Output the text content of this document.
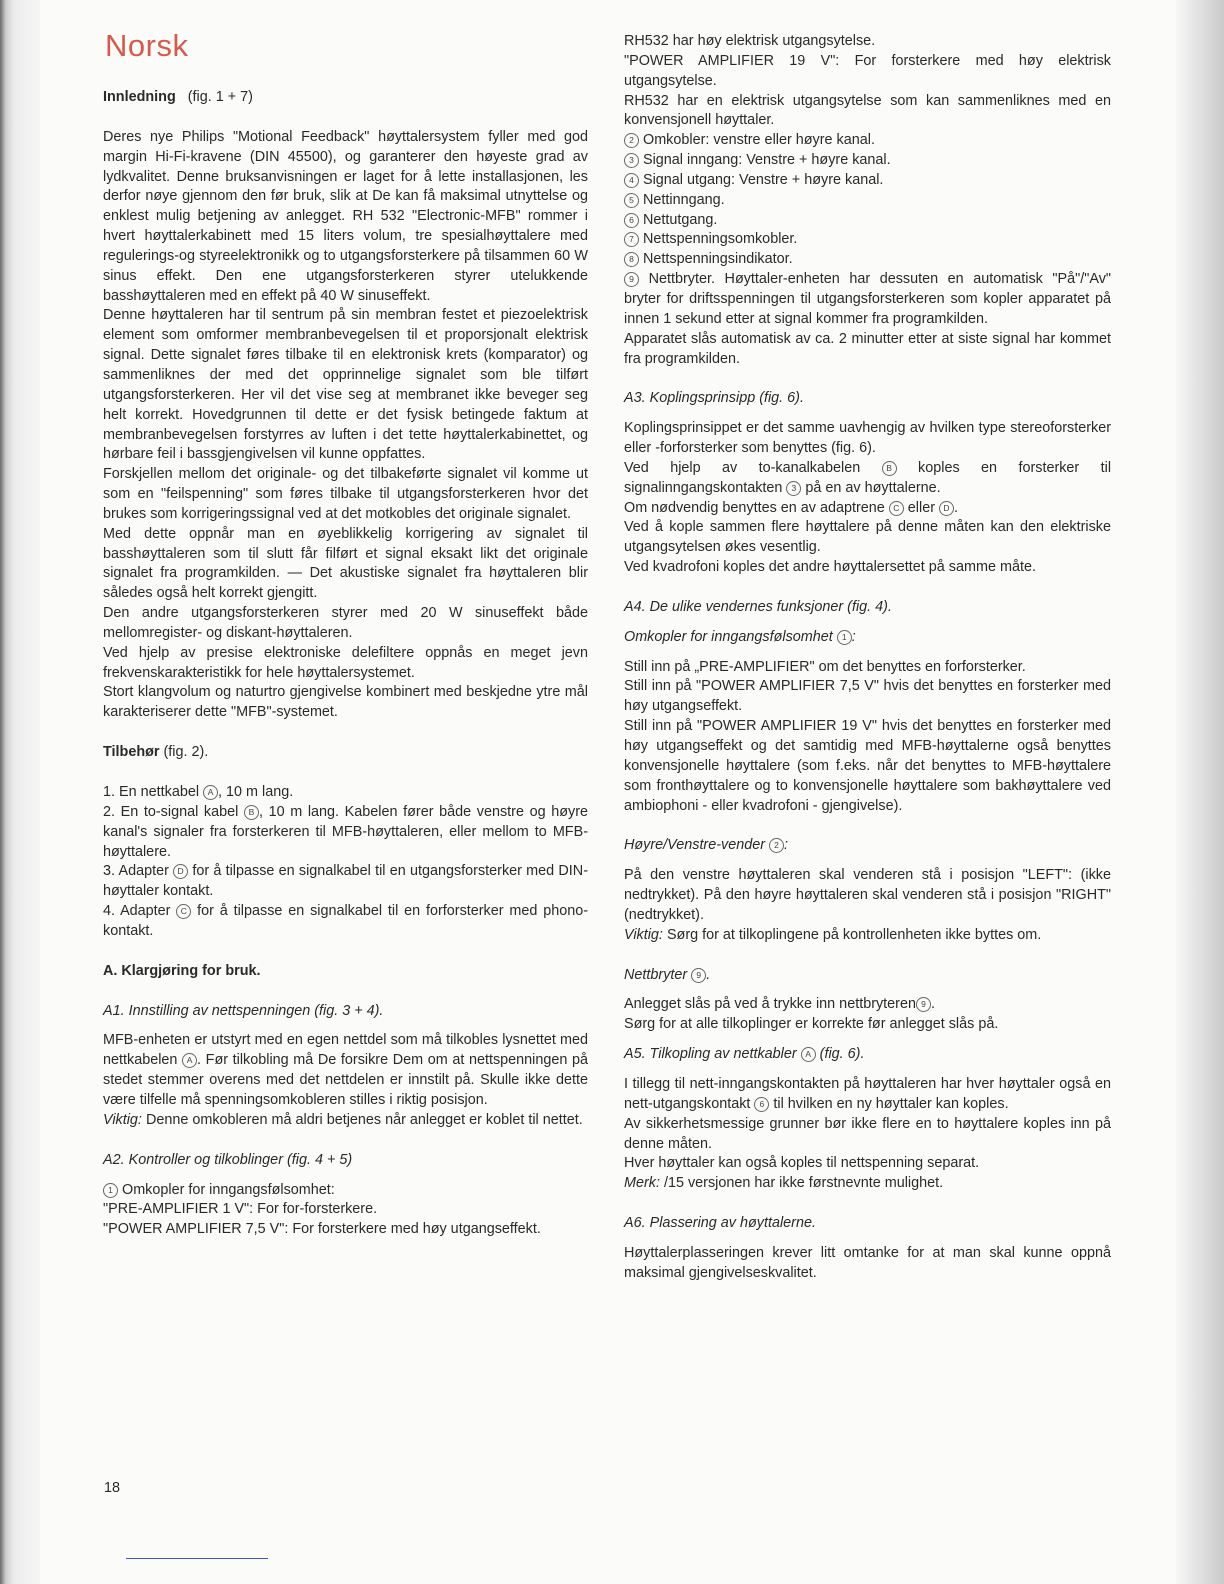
Norsk

Innledning (fig. 1 + 7)

Deres nye Philips "Motional Feedback" høyttalersystem fyller med god margin Hi-Fi-kravene (DIN 45500), og garanterer den høyeste grad av lydkvalitet. Denne bruksanvisningen er laget for å lette installasjonen, les derfor nøye gjennom den før bruk, slik at De kan få maksimal utnyttelse og enklest mulig betjening av anlegget. RH 532 "Electronic-MFB" rommer i hvert høyttalerkabinett med 15 liters volum, tre spesialhøyttalere med regulerings-og styreelektronikk og to utgangsforsterkere på tilsammen 60 W sinus effekt. Den ene utgangsforsterkeren styrer utelukkende basshøyttaleren med en effekt på 40 W sinuseffekt.

Denne høyttaleren har til sentrum på sin membran festet et piezoelektrisk element som omformer membranbevegelsen til et proporsjonalt elektrisk signal. Dette signalet føres tilbake til en elektronisk krets (komparator) og sammenliknes der med det opprinnelige signalet som ble tilført utgangsforsterkeren. Her vil det vise seg at membranet ikke beveger seg helt korrekt. Hovedgrunnen til dette er det fysisk betingede faktum at membranbevegelsen forstyrres av luften i det tette høyttalerkabinettet, og hørbare feil i bassgjengivelsen vil kunne oppfattes.

Forskjellen mellom det originale- og det tilbakeførte signalet vil komme ut som en "feilspenning" som føres tilbake til utgangsforsterkeren hvor det brukes som korrigeringssignal ved at det motkobles det originale signalet.

Med dette oppnår man en øyeblikkelig korrigering av signalet til basshøyttaleren som til slutt får filført et signal eksakt likt det originale signalet fra programkilden. — Det akustiske signalet fra høyttaleren blir således også helt korrekt gjengitt.

Den andre utgangsforsterkeren styrer med 20 W sinuseffekt både mellomregister- og diskant-høyttaleren.

Ved hjelp av presise elektroniske delefiltere oppnås en meget jevn frekvenskarakteristikk for hele høyttalersystemet.

Stort klangvolum og naturtro gjengivelse kombinert med beskjedne ytre mål karakteriserer dette "MFB"-systemet.

Tilbehør (fig. 2).

1. En nettkabel A , 10 m lang.

2. En to-signal kabel B , 10 m lang. Kabelen fører både venstre og høyre kanal's signaler fra forsterkeren til MFB-høyttaleren, eller mellom to MFB-høyttalere.

3. Adapter D for å tilpasse en signalkabel til en utgangsforsterker med DIN-høyttaler kontakt.

4. Adapter C for å tilpasse en signalkabel til en forforsterker med phono-kontakt.

A. Klargjøring for bruk.

A1. Innstilling av nettspenningen (fig. 3 + 4).

MFB-enheten er utstyrt med en egen nettdel som må tilkobles lysnettet med nettkabelen A . Før tilkobling må De forsikre Dem om at nettspenningen på stedet stemmer overens med det nettdelen er innstilt på. Skulle ikke dette være tilfelle må spenningsomkobleren stilles i riktig posisjon.

Viktig: Denne omkobleren må aldri betjenes når anlegget er koblet til nettet.

A2. Kontroller og tilkoblinger (fig. 4 + 5)

1 Omkopler for inngangsfølsomhet:

"PRE-AMPLIFIER 1 V": For for-forsterkere.

"POWER AMPLIFIER 7,5 V": For forsterkere med høy utgangseffekt.

18

RH532 har høy elektrisk utgangsytelse.

"POWER AMPLIFIER 19 V": For forsterkere med høy elektrisk utgangsytelse.

RH532 har en elektrisk utgangsytelse som kan sammenliknes med en konvensjonell høyttaler.

2 Omkobler: venstre eller høyre kanal.

3 Signal inngang: Venstre + høyre kanal.

4 Signal utgang: Venstre + høyre kanal.

5 Nettinngang.

6 Nettutgang.

7 Nettspenningsomkobler.

8 Nettspenningsindikator.

9 Nettbryter. Høyttaler-enheten har dessuten en automatisk "På"/"Av" bryter for driftsspenningen til utgangsforsterkeren som kopler apparatet på innen 1 sekund etter at signal kommer fra programkilden.

Apparatet slås automatisk av ca. 2 minutter etter at siste signal har kommet fra programkilden.

A3. Koplingsprinsipp (fig. 6).

Koplingsprinsippet er det samme uavhengig av hvilken type stereoforsterker eller -forforsterker som benyttes (fig. 6).

Ved hjelp av to-kanalkabelen	B koples en forsterker til signalinngangskontakten 3 på en av høyttalerne.

Om nødvendig benyttes en av adaptrene C eller D .

Ved å kople sammen flere høyttalere på denne måten kan den elektriske utgangsytelsen økes vesentlig.

Ved kvadrofoni koples det andre høyttalersettet på samme måte.

A4. De ulike vendernes funksjoner (fig. 4).

Omkopler for inngangsfølsomhet 1 :

Still inn på „PRE-AMPLIFIER" om det benyttes en forforsterker.

Still inn på "POWER AMPLIFIER 7,5 V" hvis det benyttes en forsterker med høy utgangseffekt.

Still inn på "POWER AMPLIFIER 19 V" hvis det benyttes en forsterker med høy utgangseffekt og det samtidig med MFB-høyttalerne også benyttes konvensjonelle høyttalere (som f.eks. når det benyttes to MFB-høyttalere som fronthøyttalere og to konvensjonelle høyttalere som bakhøyttalere ved ambiophoni - eller kvadrofoni - gjengivelse).

Høyre/Venstre-vender 2 :

På den venstre høyttaleren skal venderen stå i posisjon "LEFT": (ikke nedtrykket). På den høyre høyttaleren skal venderen stå i posisjon "RIGHT" (nedtrykket).

Viktig: Sørg for at tilkoplingene på kontrollenheten ikke byttes om.

Nettbryter 9 .

Anlegget slås på ved å trykke inn nettbryteren 9 .

Sørg for at alle tilkoplinger er korrekte før anlegget slås på.

A5. Tilkopling av nettkabler A (fig. 6).

I tillegg til nett-inngangskontakten på høyttaleren har hver høyttaler også en nett-utgangskontakt 6 til hvilken en ny høyttaler kan koples.

Av sikkerhetsmessige grunner bør ikke flere en to høyttalere koples inn på denne måten.

Hver høyttaler kan også koples til nettspenning separat.

Merk: /15 versjonen har ikke førstnevnte mulighet.

A6. Plassering av høyttalerne.

Høyttalerplasseringen krever litt omtanke for at man skal kunne oppnå maksimal gjengivelseskvalitet.
